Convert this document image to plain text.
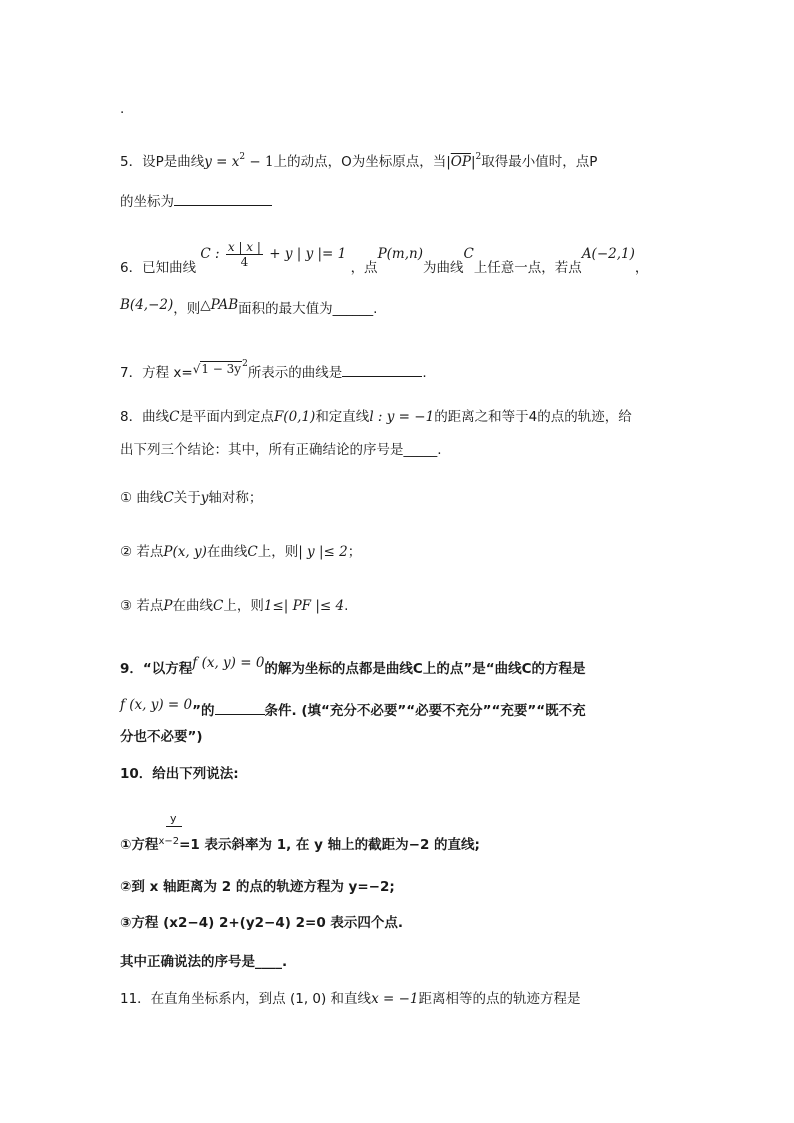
.
5．设P是曲线$y = x^2 - 1$上的动点，O为坐标原点，当$|\overline{OP}|^2$取得最小值时，点P
的坐标为
6．已知曲线 C : $\frac{x | x |}{4} + y$ | y |= 1 ，点P(m,n)为曲线C上任意一点，若点A(−2,1)，
B(4,−2)，则△PAB面积的最大值为______.
7．方程 $x=√1 - 3y^2$所表示的曲线是	.
8．曲线C是平面内到定点F(0,1)和定直线l : y = −1的距离之和等于4的点的轨迹，给
出下列三个结论：其中，所有正确结论的序号是_____.
① 曲线C关于y轴对称；
② 若点P(x, y)在曲线C上，则| y |≤ 2；
③ 若点P在曲线C上，则1≤| PF |≤ 4.
9．“以方程f (x, y) = 0的解为坐标的点都是曲线C上的点”是“曲线C的方程是
f (x, y) = 0”的	条件. (填“充分不必要”“必要不充分”“充要”“既不充
分也不必要”)
10．给出下列说法:
y
①方程$^{x-2}$=1 表示斜率为 1, 在 y 轴上的截距为−2 的直线;
②到 x 轴距离为 2 的点的轨迹方程为 y=−2;
③方程 (x2−4) 2+(y2−4) 2=0 表示四个点.
其中正确说法的序号是____.
11．在直角坐标系内，到点 (1, 0) 和直线x = −1距离相等的点的轨迹方程是
